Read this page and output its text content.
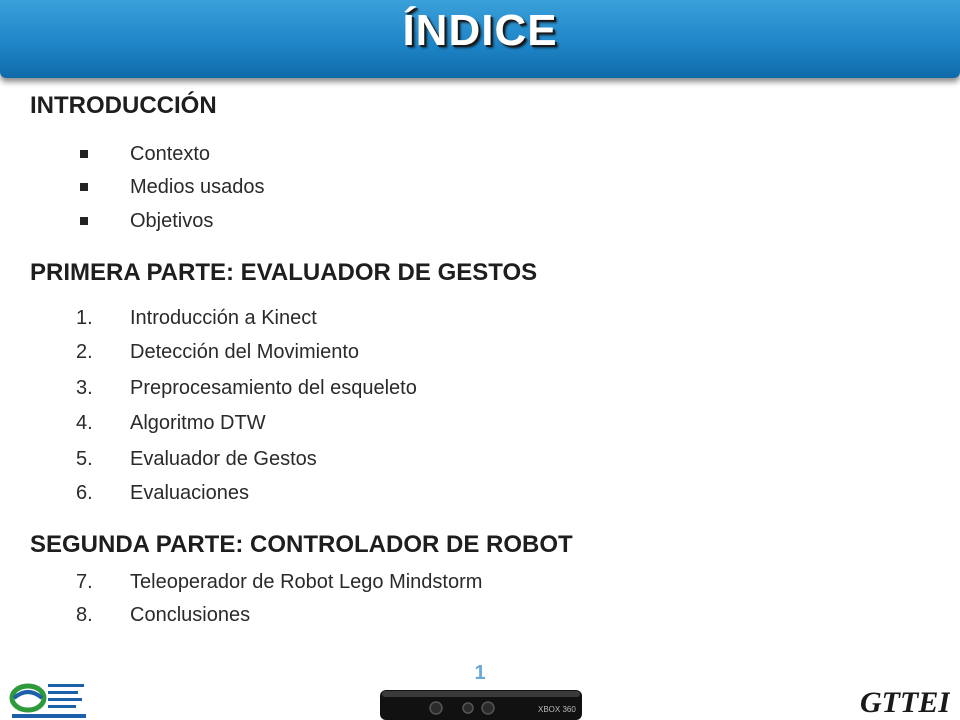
ÍNDICE
INTRODUCCIÓN
Contexto
Medios usados
Objetivos
PRIMERA PARTE: EVALUADOR DE GESTOS
1.	Introducción a Kinect
2.	Detección del Movimiento
3.	Preprocesamiento del esqueleto
4.	Algoritmo DTW
5.	Evaluador de Gestos
6.	Evaluaciones
SEGUNDA PARTE: CONTROLADOR DE ROBOT
7.	Teleoperador de Robot Lego Mindstorm
8.	Conclusiones
1
XBOX 360	GTTEI
